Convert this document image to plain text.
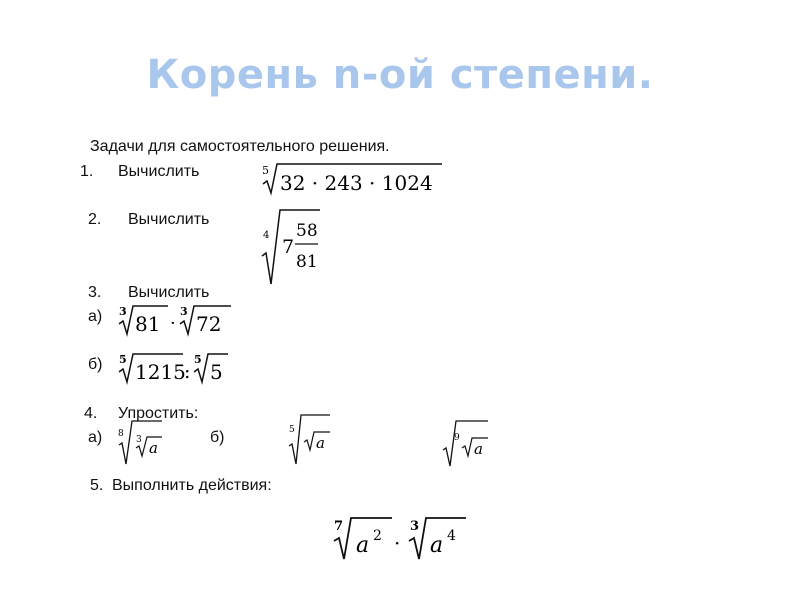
Корень n-ой степени.
Задачи для самостоятельного решения.
1. Вычислить	5
32 · 243 · 1024
2. Вычислить
4
7
58
81
3. Вычислить
а) 3
81 ·
3
72
б) 5
1215
:
5
5
4. Упростить:
а) 8
3 a
б)	5
a	9
a
5. Выполнить действия:
7
a 2 ·
3
a 4
